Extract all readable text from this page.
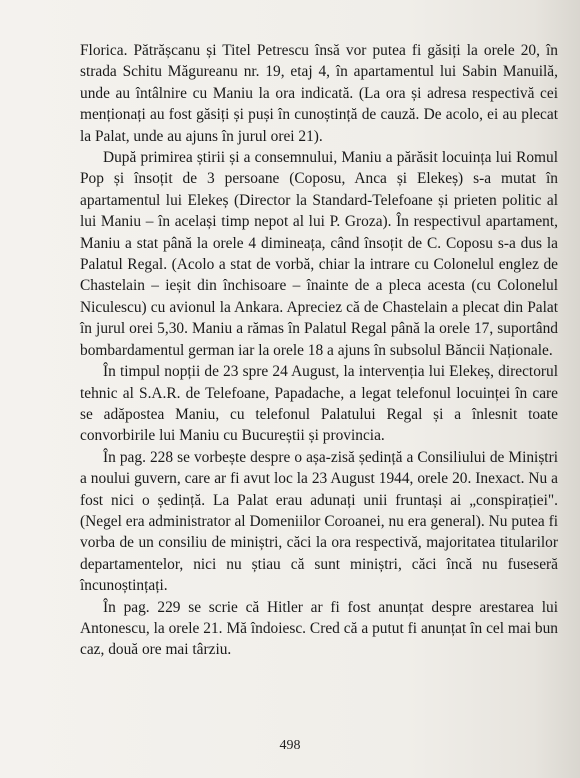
Florica. Pătrășcanu și Titel Petrescu însă vor putea fi găsiți la orele 20, în strada Schitu Măgureanu nr. 19, etaj 4, în apartamentul lui Sabin Manuilă, unde au întâlnire cu Maniu la ora indicată. (La ora și adresa respectivă cei menționați au fost găsiți și puși în cunoștință de cauză. De acolo, ei au plecat la Palat, unde au ajuns în jurul orei 21).

După primirea știrii și a consemnului, Maniu a părăsit locuința lui Romul Pop și însoțit de 3 persoane (Coposu, Anca și Elekeș) s-a mutat în apartamentul lui Elekeș (Director la Standard-Telefoane și prieten politic al lui Maniu – în același timp nepot al lui P. Groza). În respectivul apartament, Maniu a stat până la orele 4 dimineața, când însoțit de C. Coposu s-a dus la Palatul Regal. (Acolo a stat de vorbă, chiar la intrare cu Colonelul englez de Chastelain – ieșit din închisoare – înainte de a pleca acesta (cu Colonelul Niculescu) cu avionul la Ankara. Apreciez că de Chastelain a plecat din Palat în jurul orei 5,30. Maniu a rămas în Palatul Regal până la orele 17, suportând bombardamentul german iar la orele 18 a ajuns în subsolul Băncii Naționale.

În timpul nopții de 23 spre 24 August, la intervenția lui Elekeș, directorul tehnic al S.A.R. de Telefoane, Papadache, a legat telefonul locuinței în care se adăpostea Maniu, cu telefonul Palatului Regal și a înlesnit toate convorbirile lui Maniu cu Bucureștii și provincia.

În pag. 228 se vorbește despre o așa-zisă ședință a Consiliului de Miniștri a noului guvern, care ar fi avut loc la 23 August 1944, orele 20. Inexact. Nu a fost nici o ședință. La Palat erau adunați unii fruntași ai „conspirației". (Negel era administrator al Domeniilor Coroanei, nu era general). Nu putea fi vorba de un consiliu de miniștri, căci la ora respectivă, majoritatea titularilor departamentelor, nici nu știau că sunt miniștri, căci încă nu fuseseră încunoștințați.

În pag. 229 se scrie că Hitler ar fi fost anunțat despre arestarea lui Antonescu, la orele 21. Mă îndoiesc. Cred că a putut fi anunțat în cel mai bun caz, două ore mai târziu.

498
